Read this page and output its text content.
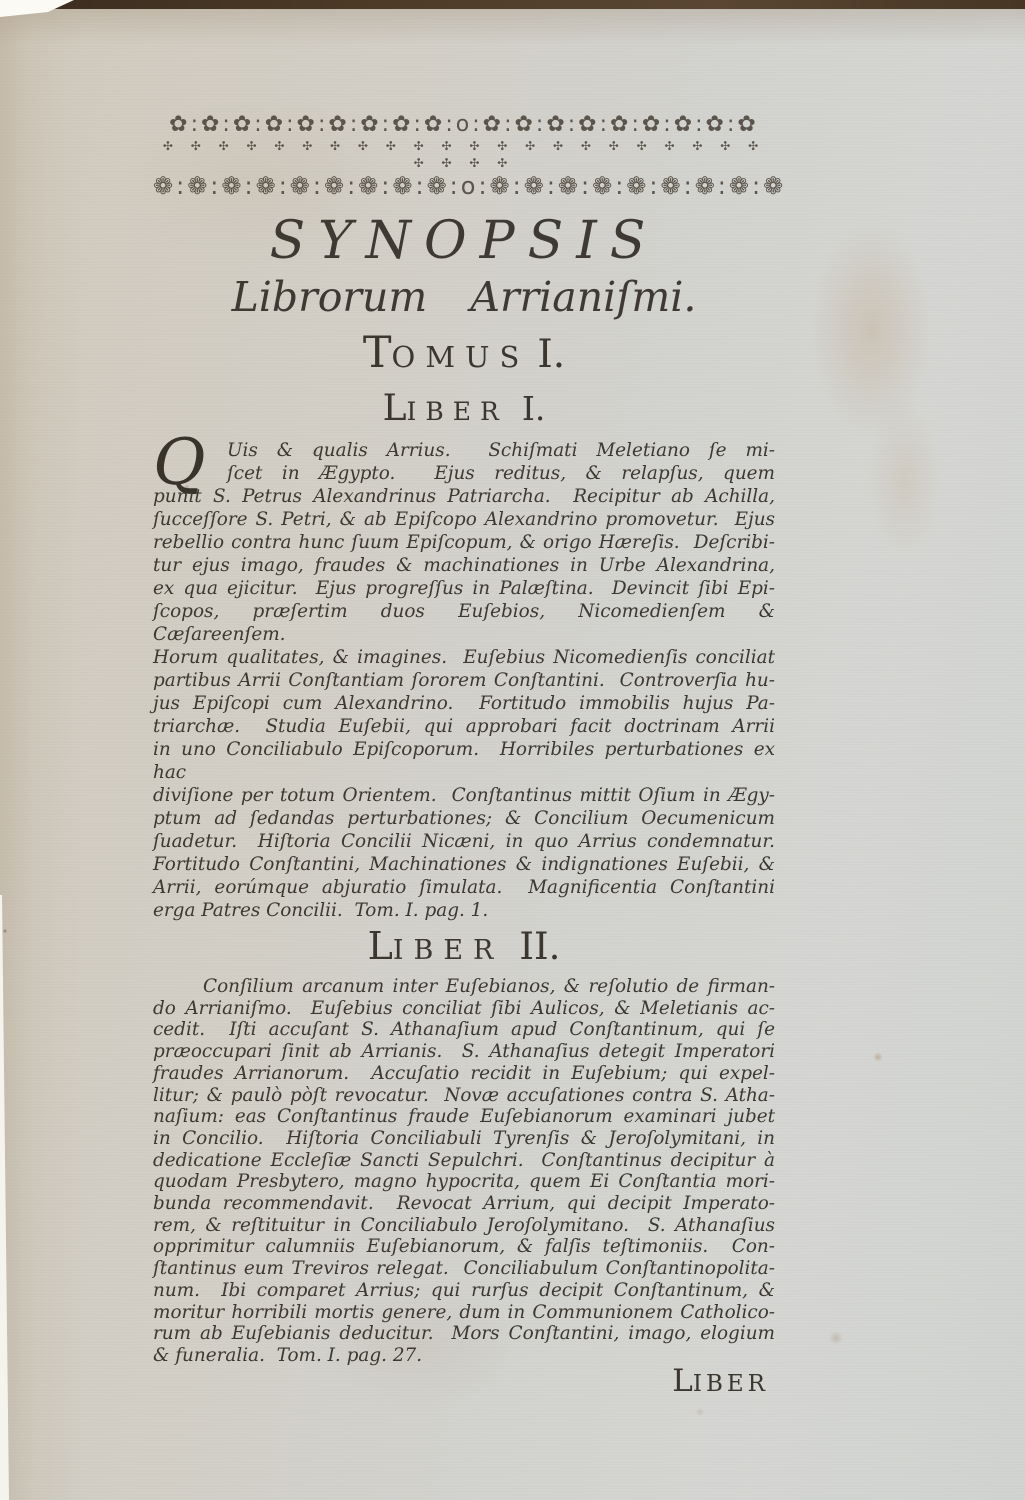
✿:✿:✿:✿:✿:✿:✿:✿:✿:o:✿:✿:✿:✿:✿:✿:✿:✿:✿
✣ ✣ ✣ ✣ ✣ ✣ ✣ ✣ ✣ ✣ ✣ ✣ ✣ ✣ ✣ ✣ ✣ ✣ ✣ ✣ ✣ ✣ ✣ ✣ ✣ ✣
❁:❁:❁:❁:❁:❁:❁:❁:❁:o:❁:❁:❁:❁:❁:❁:❁:❁:❁
SYNOPSIS
Librorum Arrianiſmi.
TOMUS I.
LIBER I.
Q	Uis & qualis Arrius.  Schiſmati Meletiano ſe mi-
ſcet in Ægypto.  Ejus reditus, & relapſus, quem
punit S. Petrus Alexandrinus Patriarcha.  Recipitur ab Achilla,
ſucceſſore S. Petri, & ab Epiſcopo Alexandrino promovetur.  Ejus
rebellio contra hunc ſuum Epiſcopum, & origo Hæreſis.  Deſcribi-
tur ejus imago, fraudes & machinationes in Urbe Alexandrina,
ex qua ejicitur.  Ejus progreſſus in Palæſtina.  Devincit ſibi Epi-
ſcopos, præſertim duos Euſebios, Nicomedienſem & Cæſareenſem.
Horum qualitates, & imagines.  Euſebius Nicomedienſis conciliat
partibus Arrii Conſtantiam ſororem Conſtantini.  Controverſia hu-
jus Epiſcopi cum Alexandrino.  Fortitudo immobilis hujus Pa-
triarchæ.  Studia Euſebii, qui approbari facit doctrinam Arrii
in uno Conciliabulo Epiſcoporum.  Horribiles perturbationes ex hac
diviſione per totum Orientem.  Conſtantinus mittit Oſium in Ægy-
ptum ad ſedandas perturbationes; & Concilium Oecumenicum
ſuadetur.  Hiſtoria Concilii Nicæni, in quo Arrius condemnatur.
Fortitudo Conſtantini, Machinationes & indignationes Euſebii, &
Arrii, eorúmque abjuratio ſimulata.  Magnificentia Conſtantini
erga Patres Concilii.  Tom. I. pag. 1.
LIBER II.
Conſilium arcanum inter Euſebianos, & reſolutio de firman-
do Arrianiſmo.  Euſebius conciliat ſibi Aulicos, & Meletianis ac-
cedit.  Iſti accuſant S. Athanaſium apud Conſtantinum, qui ſe
præoccupari ſinit ab Arrianis.  S. Athanaſius detegit Imperatori
fraudes Arrianorum.  Accuſatio recidit in Euſebium; qui expel-
litur; & paulò pòſt revocatur.  Novæ accuſationes contra S. Atha-
naſium: eas Conſtantinus fraude Euſebianorum examinari jubet
in Concilio.  Hiſtoria Conciliabuli Tyrenſis & Jeroſolymitani, in
dedicatione Eccleſiæ Sancti Sepulchri.  Conſtantinus decipitur à
quodam Presbytero, magno hypocrita, quem Ei Conſtantia mori-
bunda recommendavit.  Revocat Arrium, qui decipit Imperato-
rem, & reſtituitur in Conciliabulo Jeroſolymitano.  S. Athanaſius
opprimitur calumniis Euſebianorum, & falſis teſtimoniis.  Con-
ſtantinus eum Treviros relegat.  Conciliabulum Conſtantinopolita-
num.  Ibi comparet Arrius; qui rurſus decipit Conſtantinum, &
moritur horribili mortis genere, dum in Communionem Catholico-
rum ab Euſebianis deducitur.  Mors Conſtantini, imago, elogium
& funeralia.  Tom. I. pag. 27.
LIBER
